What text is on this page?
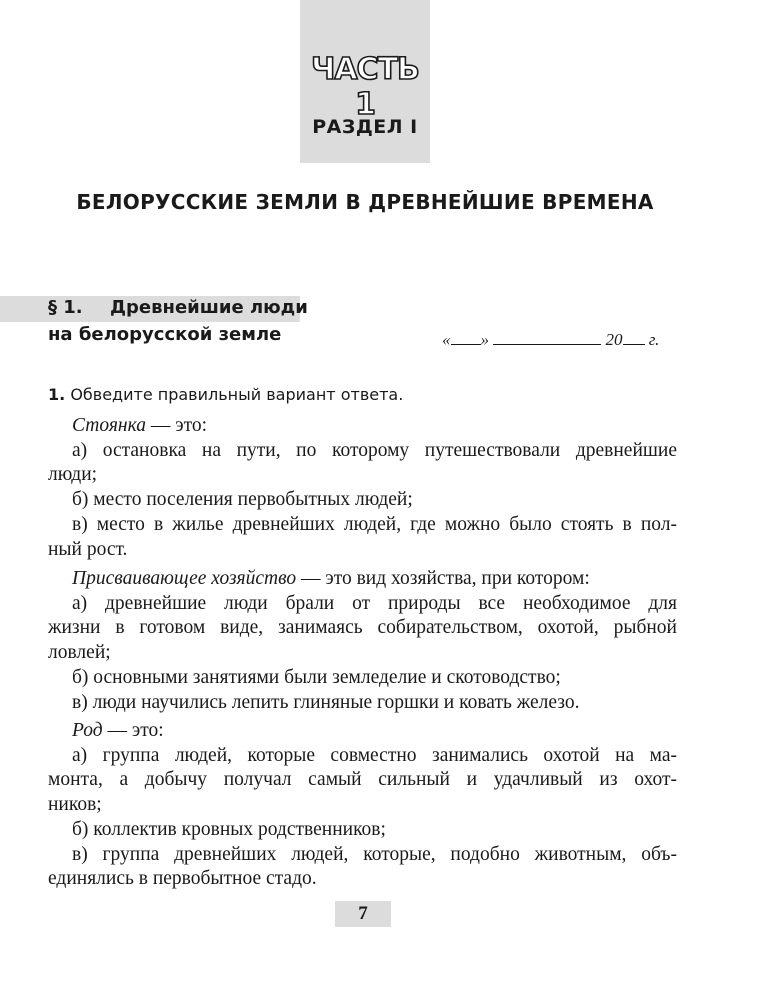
ЧАСТЬ 1
РАЗДЕЛ I
БЕЛОРУССКИЕ ЗЕМЛИ В ДРЕВНЕЙШИЕ ВРЕМЕНА
§ 1. Древнейшие люди
на белорусской земле	« »	20 г.
1. Обведите правильный вариант ответа.
Стоянка — это:
а) остановка на пути, по которому путешествовали древнейшие
люди;
б) место поселения первобытных людей;
в) место в жилье древнейших людей, где можно было стоять в пол-
ный рост.
Присваивающее хозяйство — это вид хозяйства, при котором:
а) древнейшие люди брали от природы все необходимое для
жизни в готовом виде, занимаясь собирательством, охотой, рыбной
ловлей;
б) основными занятиями были земледелие и скотоводство;
в) люди научились лепить глиняные горшки и ковать железо.
Род — это:
а) группа людей, которые совместно занимались охотой на ма-
монта, а добычу получал самый сильный и удачливый из охот-
ников;
б) коллектив кровных родственников;
в) группа древнейших людей, которые, подобно животным, объ-
единялись в первобытное стадо.
7
